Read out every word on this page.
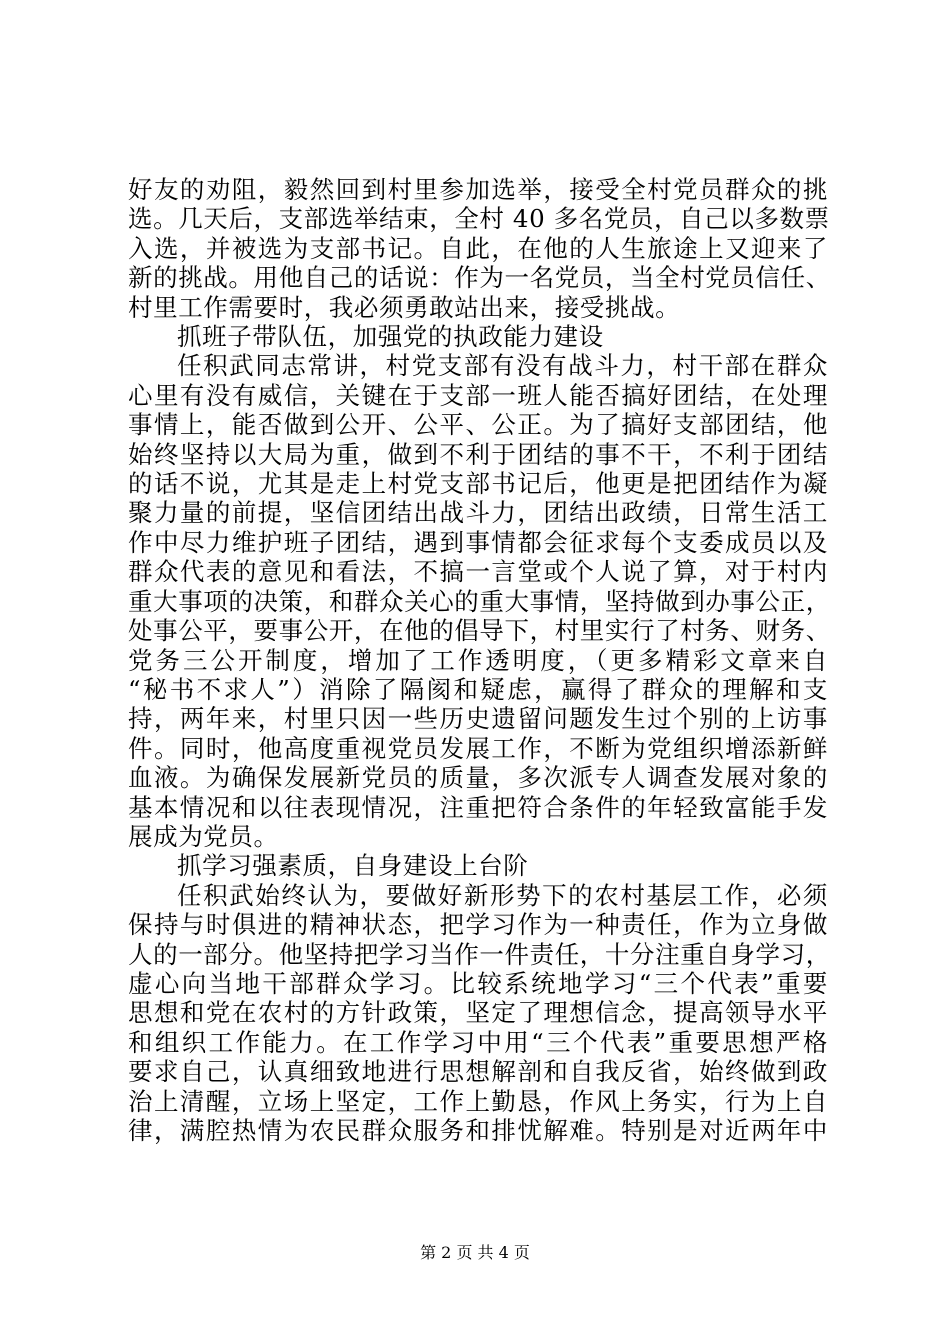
好友的劝阻，毅然回到村里参加选举，接受全村党员群众的挑
选。几天后，支部选举结束，全村 40 多名党员，自己以多数票
入选，并被选为支部书记。自此，在他的人生旅途上又迎来了
新的挑战。用他自己的话说：作为一名党员，当全村党员信任、
村里工作需要时，我必须勇敢站出来，接受挑战。
抓班子带队伍，加强党的执政能力建设
任积武同志常讲，村党支部有没有战斗力，村干部在群众
心里有没有威信，关键在于支部一班人能否搞好团结，在处理
事情上，能否做到公开、公平、公正。为了搞好支部团结，他
始终坚持以大局为重，做到不利于团结的事不干，不利于团结
的话不说，尤其是走上村党支部书记后，他更是把团结作为凝
聚力量的前提，坚信团结出战斗力，团结出政绩，日常生活工
作中尽力维护班子团结，遇到事情都会征求每个支委成员以及
群众代表的意见和看法，不搞一言堂或个人说了算，对于村内
重大事项的决策，和群众关心的重大事情，坚持做到办事公正，
处事公平，要事公开，在他的倡导下，村里实行了村务、财务、
党务三公开制度，增加了工作透明度，（更多精彩文章来自
“秘书不求人”）消除了隔阂和疑虑，赢得了群众的理解和支
持，两年来，村里只因一些历史遗留问题发生过个别的上访事
件。同时，他高度重视党员发展工作，不断为党组织增添新鲜
血液。为确保发展新党员的质量，多次派专人调查发展对象的
基本情况和以往表现情况，注重把符合条件的年轻致富能手发
展成为党员。
抓学习强素质，自身建设上台阶
任积武始终认为，要做好新形势下的农村基层工作，必须
保持与时俱进的精神状态，把学习作为一种责任，作为立身做
人的一部分。他坚持把学习当作一件责任，十分注重自身学习，
虚心向当地干部群众学习。比较系统地学习“三个代表”重要
思想和党在农村的方针政策，坚定了理想信念，提高领导水平
和组织工作能力。在工作学习中用“三个代表”重要思想严格
要求自己，认真细致地进行思想解剖和自我反省，始终做到政
治上清醒，立场上坚定，工作上勤恳，作风上务实，行为上自
律，满腔热情为农民群众服务和排忧解难。特别是对近两年中
第 2 页 共 4 页
